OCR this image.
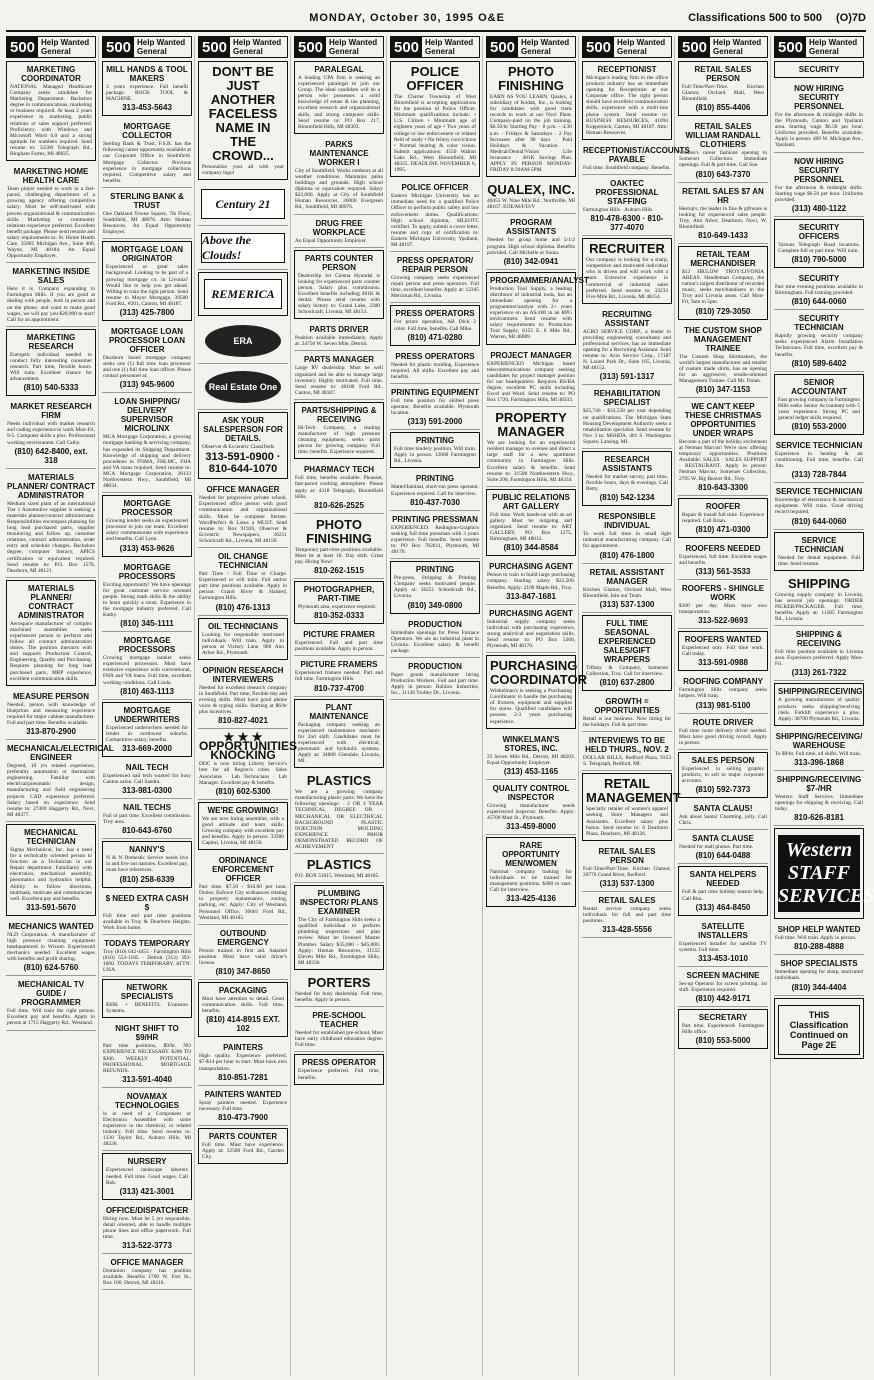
MONDAY, October 30, 1995 O&E	Classifications 500 to 500 (O)7D
500 Help Wanted
General
MARKETING COORDINATOR
NATIONAL Managed Healthcare Company seeks candidate for Marketing Department. Bachelors degree in communications, marketing or business required. At least 2 years experience in marketing, public relations or sales support preferred. Proficiency with Windows and Microsoft Word 6.0 and a strong aptitude for numbers required. Send resume to: 32500 Telegraph Rd., Bingham Farms, MI 48025.
MARKETING HOME HEALTH CARE
Team player needed to work in a fast-paced, challenging department of a growing agency offering competitive salary. Must be self-motivated with proven organizational & communication skills. Marketing or community relations experience preferred. Excellent benefit package. Please send resume and salary requirements to: St. Home Health Care, 35005 Michigan Ave., Suite 400, Wayne, MI 48184. An Equal Opportunity Employer.
MARKETING INSIDE SALES
Here it is. Company expanding in Farmington Hills. If you are good at dealing with people, both in person and on the phone, and want to make good wages, we will pay you $20,000 to start! Call for an appointment.
MARKETING RESEARCH
Energetic individual needed to conduct fully interesting consumer research. Part time, flexible hours. Will train. Excellent chance for advancement.
(810) 540-5333
MARKET RESEARCH FIRM
Needs individual with market research and coding experience to work Mon-Fri, 9-5. Computer skills a plus. Professional working environment. Call Cathy.
(810) 642-8400, ext. 318
MATERIALS PLANNER/ CONTRACT ADMINISTRATOR
Medium sized plant of an international Tier 1 Automotive supplier is seeking a materials planner/contract administrator. Responsibilities encompass planning for long lead purchased parts, supplier monitoring and follow up, customer relations, contract administration, order entry and schedule changes. Bachelors degree, computer literacy, APICS certification or equivalent required. Send resume to: P.O. Box 1578, Dearborn, MI 48121.
MATERIALS PLANNER/ CONTRACT ADMINISTRATOR
Aerospace manufacturer of complex machined assemblies seeks experienced person to perform and follow all contract administration duties. The position interacts with and supports Production Control, Engineering, Quality and Purchasing. Requires planning for long lead purchased parts, MRP experience, excellent communication skills.
MEASURE PERSON
Needed, person with knowledge of blueprints and measuring experience required for major cabinet manufacturer. Full and part time. Benefits available.
313-870-2900
MECHANICAL/ELECTRICAL ENGINEER
Degreed, 10 yrs related experience, preferably automation or thermal/air engineering. Familiar with electrical/pneumatic design, manufacturing and field engineering projects. CAD experience preferred. Salary based on experience. Send resume to: 27400 Haggerty Rd., Novi, MI 48377.
MECHANICAL TECHNICIAN
Sigma Mechanical, Inc. has a need for a technically oriented person to function as a Technician in our Repair department. Familiarity with electronics, mechanical assembly, pneumatics and hydraulics helpful. Ability to follow directions, multitask, motivate and communicate well. Excellent pay and benefits.
313-591-5670
MECHANICS WANTED
NLD Corporation. A manufacturer of high pressure cleaning equipment headquartered in Wixom. Experienced mechanics needed. Excellent wages with benefits and profit sharing.
(810) 624-5760
MECHANICAL TV GUIDE / PROGRAMMER
Full time. Will train the right person. Excellent pay and benefits. Apply in person at 1715 Haggerty Rd., Westland.
500 Help Wanted
General
MILL HANDS & TOOL MAKERS
3 years experience. Full benefit package. ROCK TOOL & MACHINE.
313-453-5643
MORTGAGE COLLECTOR
Sterling Bank & Trust, F.S.B. has the following career opportunity available at our Corporate Office in Southfield. Mortgage Collector. Previous experience in mortgage collections required. Competitive salary and benefits.
STERLING BANK & TRUST
One Oakland Towne Square, 7th Floor, Southfield, MI 48076. Attn: Human Resources. An Equal Opportunity Employer.
MORTGAGE LOAN ORIGINATOR
Experienced or great sales background. Looking to be part of a growing mortgage co. in Livonia? Would like to help you get ahead. Willing to train the right person. Send resume to Mayor Mortgage, 39500 Ford Rd., #201, Canton, MI 48187.
(313) 425-7800
MORTGAGE LOAN PROCESSOR LOAN OFFICER
Dearborn based mortgage company seeks one (1) full time loan processor and one (1) full time loan officer. Please contact personnel at:
(313) 945-9600
LOAN SHIPPING/ DELIVERY SUPERVISOR MICROLINX
MCA Mortgage Corporation, a growing mortgage banking & servicing company, has expanded its Shipping Department. Knowledge of shipping and delivery procedures to FNMA, FHLMC, FHA and VA loans required. Send resume to: MCA Mortgage Corporation, 26133 Northwestern Hwy., Southfield, MI 48034.
MORTGAGE PROCESSOR
Growing lender seeks an experienced processor to join our team. Excellent salary commensurate with experience and benefits. Call Lynn.
(313) 453-9626
MORTGAGE PROCESSORS
Exciting opportunity! We have openings for great customer service oriented people. Strong math skills & the ability to learn quickly a must. Experience in the mortgage industry preferred. Call Kathy.
(810) 345-1111
MORTGAGE PROCESSORS
Growing mortgage banker seeks experienced processors. Must have extensive experience with conventional, FHA and VA loans. Full time, excellent working conditions. Call Linda.
(810) 463-1113
MORTGAGE UNDERWRITERS
Experienced underwriters needed for lender in northwest suburbs. Competitive salary, benefits.
313-669-2000
NAIL TECH
Experienced nail tech wanted for busy Canton salon. Call Sandra.
313-981-0300
NAIL TECHS
Full or part time. Excellent commission. Troy area.
810-643-6760
NANNY'S
N & N Domestic Service needs live in and live out nannies. Excellent pay, must have references.
(810) 258-6339
$ NEED EXTRA CASH $
Full time and part time positions available in Troy & Dearborn Heights. Work from home.
TODAYS TEMPORARY
Troy (810) 642-4455 · Farmington Hills (810) 553-1165 · Detroit (313) 393-1800. TODAYS TEMPORARY, ATTN: LISA.
NETWORK SPECIALISTS
$30K + BENEFITS. Evanston Systems.
NIGHT SHIFT TO $9/HR
Part time positions, $9/hr. NO EXPERIENCE NECESSARY. $200 TO $300 WEEKLY POTENTIAL. PROFESSIONAL MORTGAGE REFUNDS.
313-591-4040
NOVAMAX TECHNOLOGIES
Is in need of a Component or Electronics Assembler with some experience in the chemical, or related industry. Full time. Send resume to: 1330 Taylor Rd., Auburn Hills, MI 48326.
NURSERY
Experienced landscape laborers needed. Full time. Good wages. Call Bob.
(313) 421-3001
OFFICE/DISPATCHER
Hiring now. Must be 5 yrs responsible, detail oriented, able to handle multiple phone lines and office paperwork. Full time.
313-522-3773
OFFICE MANAGER
Dominion company has position available. Benefits 1700 W. Fort St., Box 100, Detroit, MI 48216.
500 Help Wanted
General
DON'T BE JUST ANOTHER FACELESS NAME IN THE CROWD...
Personalize your ad with your company logo!
Century 21
Above the Clouds!
REMERICA
ERA
Real Estate One
ASK YOUR SALESPERSON FOR DETAILS.
Observer & Eccentric Classifieds
313-591-0900 · 810-644-1070
OFFICE MANAGER
Needed for progressive private school. Experienced office person with good communication and organizational skills. Must be computer literate. WordPerfect & Lotus a MUST. Send resume to: Box 91926, Observer & Eccentric Newspapers, 36251 Schoolcraft Rd., Livonia, MI 48150.
OIL CHANGE TECHNICIAN
Part Time / Full Time or Charge. Experienced or will train. Full and/or part time positions available. Apply in person: Grand River & Halsted, Farmington Hills.
(810) 476-1313
OIL TECHNICIANS
Looking for responsible motivated individuals. Will train. Apply in person at Victory Lane, 900 Ann Arbor Rd., Plymouth.
OPINION RESEARCH INTERVIEWERS
Needed for excellent research company in Southfield. Part time, flexible day and evening shifts. Must have good phone voice & typing skills. Starting at $6/hr plus incentives.
810-827-4021
★ ★ ★ OPPORTUNITIES KNOCKING
DDC is now hiring Liberty Service's best for all Region's cities. Sales Associates · Lab Technicians · Lab Manager. Excellent pay & benefits.
(810) 602-5300
WE'RE GROWING!
We are now hiring assembler, with a good attitude and team skills. Growing company with excellent pay and benefits. Apply in person: 33300 Capitol, Livonia, MI 48150.
ORDINANCE ENFORCEMENT OFFICER
Part time. $7.50 - $10.00 per hour. Duties: Enforce City ordinances relating to property maintenance, zoning, parking, etc. Apply: City of Westland, Personnel Office, 36601 Ford Rd., Westland, MI 48185.
OUTBOUND EMERGENCY
Person trained in first aid. Salaried position. Must have valid driver's license.
(810) 347-8650
PACKAGING
Must have attention to detail. Good communication skills. Full time, benefits.
(810) 414-8915 EXT. 102
PAINTERS
High quality. Experience preferred. $7-$14 per hour to start. Must have own transportation.
810-851-7281
PAINTERS WANTED
Spray painters needed. Experience necessary. Full time.
810-473-7900
PARTS COUNTER
Full time. Must have experience. Apply at: 32500 Ford Rd., Garden City.
500 Help Wanted
General
PARALEGAL
A leading CPA firm is seeking an experienced paralegal to join our Group. The ideal candidate will be a person who possesses a solid knowledge of estate & tax planning, excellent research and organizational skills, and strong computer skills. Send resume to: PO Box 217, Bloomfield Hills, MI 48303.
PARKS MAINTENANCE WORKER I
City of Southfield. Works outdoors at all weather conditions. Maintains parks buildings and grounds. High school diploma or equivalent required. Salary $22,000. Apply at City of Southfield Human Resources, 26000 Evergreen Rd., Southfield, MI 48076.
DRUG FREE WORKPLACE
An Equal Opportunity Employer.
PARTS COUNTER PERSON
Dealership for Cienna Hyundai is looking for experienced parts counter person. Salary plus commission. Excellent benefits including 401K & dental. Please send resume with salary history to: Grand Lake, 2300 Schoolcraft, Livonia, MI 48151.
PARTS DRIVER
Position available immediately. Apply at: 24750 W. Seven Mile, Detroit.
PARTS MANAGER
Large RV dealership. Must be well organized and be able to manage large inventory. Highly motivated. Full time. Send resume to: 46100 Ford Rd., Canton, MI 48187.
PARTS/SHIPPING & RECEIVING
Hi-Tech Company, a leading manufacturer of high pressure cleaning equipment, seeks parts person for growing company. Full time, benefits. Experience required.
PHARMACY TECH
Full time, benefits available. Pleasant, fast-paced working atmosphere. Please apply at: 4318 Telegraph, Bloomfield Hills.
810-626-2525
PHOTO FINISHING
Temporary part-time positions available. Must be at least 18. Day shift. Great pay. Hiring Now!
810-262-1515
PHOTOGRAPHER, PART-TIME
Plymouth area, experience required.
810-352-0333
PICTURE FRAMER
Experienced. Full and part time positions available. Apply in person.
PICTURE FRAMERS
Experienced framers needed. Part and full time. Farmington Hills.
810-737-4700
PLANT MAINTENANCE
Packaging company seeking an experienced maintenance mechanic for 2nd shift. Candidates must be experienced with electrical, pneumatic and hydraulic systems. Apply at: 34800 Glendale, Livonia, MI.
PLASTICS
We are a growing company manufacturing plastic parts. We have the following openings: · 2 OR 4 YEAR TECHNICAL DEGREE OR · MECHANICAL OR ELECTRICAL BACKGROUND · PLASTIC INJECTION MOLDING EXPERIENCE · PRIOR DEMONSTRATED RECORD OF ACHIEVEMENT
PLASTICS
P.O. BOX 51815, Westland, MI 48185.
PLUMBING INSPECTOR/ PLANS EXAMINER
The City of Farmington Hills seeks a qualified individual to perform plumbing inspections and plan review. Must be licensed Master Plumber. Salary $35,000 - $45,000. Apply: Human Resources, 31555 Eleven Mile Rd., Farmington Hills, MI 48336.
PORTERS
Needed for busy dealership. Full time, benefits. Apply in person.
PRE-SCHOOL TEACHER
Needed for established pre-school. Must have early childhood education degree. Full time.
PRESS OPERATOR
Experience preferred. Full time, benefits.
500 Help Wanted
General
POLICE OFFICER
The Charter Township of West Bloomfield is accepting applications for the position of Police Officer. Minimum qualifications include: • U.S. Citizen • Minimum age of eighteen years of age • Two years of college or law enforcement or related field of study • No felony convictions • Normal hearing & color vision. Submit applications: 4550 Walnut Lake Rd., West Bloomfield, MI 48325. DEADLINE NOVEMBER 6, 1995.
POLICE OFFICER
Eastern Michigan University has an immediate need for a qualified Police Officer to perform public safety and law enforcement duties. Qualifications: High school diploma, MLEOTC certified. To apply, submit a cover letter, resume and copy of certification to: Eastern Michigan University, Ypsilanti, MI 48197.
PRESS OPERATOR/ REPAIR PERSON
Growing company seeks experienced repair person and press operators. Full time, excellent benefits. Apply at: 12345 Merriman Rd., Livonia.
PRESS OPERATORS
For prints operation, AB Dick 2 color. Full time, benefits. Call Mike.
(810) 471-0280
PRESS OPERATORS
Needed for plastic molding. Experience required. All shifts. Excellent pay and benefits.
PRINTING EQUIPMENT
Full time position for skilled press operator. Benefits available. Plymouth location.
(313) 591-2000
PRINTING
Full time bindery position. Will train. Apply in person. 12600 Farmington Rd., Livonia.
PRINTING
Mattel/Iaminal, short-run press operator. Experience required. Call for interview.
810-437-7030
PRINTING PRESSMAN
EXPERIENCED. Redington-Graphics seeking full time pressman with 3 years experience. Full benefits. Send resume to: PO Box 702611, Plymouth, MI 48170.
PRINTING
Pre-press, Stripping & Printing Company seeks motivated people. Apply at: 36251 Schoolcraft Rd., Livonia.
(810) 349-0800
PRODUCTION
Immediate openings for Press Furnace Operators. We are an industrial plant in Livonia. Excellent salary & benefit package.
PRODUCTION
Paper goods manufacturer hiring Production Workers. Full and part time. Apply in person: Roblaw Industries, Inc., 11130 Trolley Dr., Livonia.
500 Help Wanted
General
PHOTO FINISHING
EARN AS YOU LEARN. Qualex, a subsidiary of Kodak, Inc., is looking for candidates with good track records to work at our Novi Plant. Company-paid on the job training. $6.50/hr Starting Pay · 8 p.m. - 4:30 a.m. · Fridays & Saturdays · 2 Pay Increases after 90 days · Paid Holidays & Vacation · Medical/Dental/Vision · Life Insurance · 401K Savings Plan. APPLY IN PERSON MONDAY-FRIDAY 8:30AM-5PM.
QUALEX, INC.
40455 W. Nine Mile Rd., Northville, MI 48167. EOE/M/F/D/V
PROGRAM ASSISTANTS
Needed for group home and 5/1/2 program. High school diploma. Benefits provided. Call Michelle or Sonia.
(810) 342-0941
PROGRAMMER/ANALYST
Production Tool Supply, a leading distributor of industrial tools, has an immediate opening for a programmer/analyst with 2+ years experience on an AS/400 in an RPG environment. Send resume with salary requirements to: Production Tool Supply, 8155 E. 8 Mile Rd., Warren, MI 48089.
PROJECT MANAGER
EXPERIENCED Michigan based telecommunications company seeking candidates for project manager position for our headquarters. Requires BS/BA degree, excellent PC skills including Excel and Word. Send resume to: PO Box 1720, Farmington Hills, MI 48333.
PROPERTY MANAGER
We are looking for an experienced resident manager to oversee and direct a large staff for a new apartment community in Farmington Hills. Excellent salary & benefits. Send resume to: 31500 Northwestern Hwy., Suite 200, Farmington Hills, MI 48334.
PUBLIC RELATIONS ART GALLERY
Full time. Work hands-on with an art gallery. Must be outgoing and organized. Send resume to: ART GALLERY, PO Box 1275, Birmingham, MI 48012.
(810) 344-8584
PURCHASING AGENT
Person to train to build large purchasing company. Starting salary $22,500. Benefits. Apply: 2100 Maple Rd., Troy.
313-847-1681
PURCHASING AGENT
Industrial supply company seeks individual with purchasing experience, strong analytical and negotiation skills. Send resume to: PO Box 5360, Plymouth, MI 48170.
PURCHASING COORDINATOR
Winkelman's is seeking a Purchasing Coordinator to handle the purchasing of fixtures, equipment and supplies for stores. Qualified candidates will possess 2-3 years purchasing experience.
WINKELMAN'S STORES, INC.
25 Seven Mile Rd., Detroit, MI 48203. Equal Opportunity Employer.
(313) 453-1165
QUALITY CONTROL INSPECTOR
Growing manufacturer needs experienced inspector. Benefits. Apply: 45700 Mast St., Plymouth.
313-459-8000
RARE OPPORTUNITY MEN/WOMEN
National company looking for individuals to be trained for management positions. $400 to start. Call for interview.
313-425-4136
500 Help Wanted
General
RECEPTIONIST
Michigan's leading firm in the office products industry has an immediate opening for Receptionist at our Corporate office. The right person should have excellent communication skills, experience with a multi-line phone system. Send resume to: BUSINESS RESOURCES, 41094 Koppernick, Canton, MI 48187. Attn: Human Resources.
RECEPTIONIST/ACCOUNTS PAYABLE
Full time. Southfield company. Benefits.
OAKTEC PROFESSIONAL STAFFING
Farmington Hills · Auburn Hills
810-478-6300 · 810-377-4070
RECRUITER
Our company is looking for a sharp, competitive and motivated individual who is driven and will work with a team. Extensive experience in commercial or industrial sales preferred. Send resume to: 33233 Five Mile Rd., Livonia, MI 48154.
RECRUITING ASSISTANT
ACRO SERVICE CORP., a leader in providing engineering consultants and professional services, has an immediate opening for a Recruiting Assistant. Send resume to: Acro Service Corp., 17187 N. Laurel Park Dr., Suite 165, Livonia, MI 48152.
(313) 591-1317
REHABILITATION SPECIALIST
$25,746 - $33,558 per year depending on qualifications. The Michigan State Housing Development Authority seeks a rehabilitation specialist. Send resume by Nov 3 to: MSHDA, 401 S. Washington Square, Lansing, MI.
RESEARCH ASSISTANTS
Needed for market survey, part time, flexible hours, days & evenings. Call Betty.
(810) 542-1234
RESPONSIBLE INDIVIDUAL
To work full time in small light industrial manufacturing company. Call for appointment.
(810) 476-1800
RETAIL ASSISTANT MANAGER
Kitchen Glamor, Orchard Mall, West Bloomfield. Join our Team.
(313) 537-1300
FULL TIME SEASONAL EXPERIENCED SALES/GIFT WRAPPERS
Tiffany & Company, Somerset Collection, Troy. Call for interview.
(810) 637-2800
GROWTH = OPPORTUNITIES
Retail is our business. Now hiring for the holidays. Full & part time.
INTERVIEWS TO BE HELD THURS., NOV. 2
DOLLAR BILLS, Redford Plaza, 9353 S. Telegraph, Redford, MI.
RETAIL MANAGEMENT
Specialty retailer of women's apparel seeking Store Managers and Assistants. Excellent salary plus bonus. Send resume to: 6 Dearborn Plaza, Dearborn, MI 48126.
RETAIL SALES PERSON
Full-Time/Part-Time. Kitchen Glamor, 26770 Grand River, Redford.
(313) 537-1300
RETAIL SALES
Rental service company seeks individuals for full and part time positions.
313-428-5556
500 Help Wanted
General
RETAIL SALES PERSON
Full-Time/Part-Time. Kitchen Glamor, Orchard Mall, West Bloomfield.
(810) 855-4406
RETAIL SALES WILLIAM RANDALL CLOTHIERS
Women's career fashions opening in Somerset Collection. Immediate openings. Full & part time. Call Sue.
(810) 643-7370
RETAIL SALES $7 AN HR
Hestup's, the leader in fine & giftware is looking for experienced sales people. Troy, Ann Arbor, Dearborn, Novi, W. Bloomfield.
810-649-1433
RETAIL TEAM MERCHANDISER
$12 HR/LOW TROY/LIVONIA AREAS. Handleman Company, the nation's largest distributor of recorded music, seeks merchandisers in the Troy and Livonia areas. Call Mon-Fri, 9am to 5pm.
(810) 729-3050
THE CUSTOM SHOP MANAGEMENT TRAINEE
The Custom Shop Shirtmakers, the world's largest manufacturer and retailer of custom made shirts, has an opening for an aggressive, results-oriented Management Trainee. Call Mr. Dolan.
(810) 347-1153
WE CAN'T KEEP THESE CHRISTMAS OPPORTUNITIES UNDER WRAPS
Become a part of the holiday excitement at Neiman Marcus! We're now offering temporary opportunities. Positions Available: SALES · SALES SUPPORT · RESTAURANT. Apply in person: Neiman Marcus, Somerset Collection, 2705 W. Big Beaver Rd., Troy.
810-643-3300
ROOFER
Repair & install full time. Experience required. Call Brian.
(810) 471-0300
ROOFERS NEEDED
Experienced, full time. Excellent wages and benefits.
(313) 561-3533
ROOFERS - SHINGLE WORK
$100 per day. Must have own transportation.
313-522-9693
ROOFERS WANTED
Experienced only. Full time work. Call today.
313-591-0988
ROOFING COMPANY
Farmington Hills company seeks helpers. Will train.
(313) 981-5100
ROUTE DRIVER
Full time route delivery driver needed. Must have good driving record. Apply in person.
SALES PERSON
Experienced in selling graphic products, to sell to major corporate accounts.
(810) 592-7373
SANTA CLAUS!
Ask about Santa! Charming, jolly. Call Chris.
SANTA CLAUSE
Needed for mall photos. Part time.
(810) 644-0488
SANTA HELPERS NEEDED
Full & part time holiday season help. Call Rita.
(313) 464-8450
SATELLITE INSTALLERS
Experienced installer for satellite TV systems. Full time.
313-453-1010
SCREEN MACHINE
Set-up Operator for screen printing. 1st shift. Experience required.
(810) 442-9171
SECRETARY
Part time. Experienced. Farmington Hills office.
(810) 553-5000
500 Help Wanted
General
SECURITY
NOW HIRING SECURITY PERSONNEL
For the afternoon & midnight shifts in the Plymouth, Canton and Ypsilanti area. Starting wage $6.50 per hour. Uniforms provided. Benefits available. Apply in person: 400 W. Michigan Ave., Ypsilanti.
NOW HIRING SECURITY PERSONNEL
For the afternoon & midnight shifts. Starting wage $6.50 per hour. Uniforms provided.
(313) 480-1122
SECURITY OFFICERS
Various Telegraph Road locations. Complete full or part time. Will train.
(810) 790-5000
SECURITY
Part time evening positions available in Birmingham. Full training provided.
(810) 644-0060
SECURITY TECHNICIAN
Rapidly growing security company seeks experienced Alarm Installation Technicians. Full time, excellent pay & benefits.
(810) 589-6402
SENIOR ACCOUNTANT
Fast growing company in Farmington Hills seeks Senior Accountant with 5 years experience. Strong PC and general ledger skills required.
(810) 553-2000
SERVICE TECHNICIAN
Experience in heating & air conditioning. Full time, benefits. Call Jim.
(313) 728-7844
SERVICE TECHNICIAN
Knowledge of electronics & mechanical equipment. Will train. Good driving record required.
(810) 644-0060
SERVICE TECHNICIAN
Needed for dental equipment. Full time. Send resume.
SHIPPING
Growing supply company in Livonia, has several job openings: ORDER PICKER/PACKAGER. Full time, benefits. Apply at: 11585 Farmington Rd., Livonia.
SHIPPING & RECEIVING
Full time position available in Livonia area. Experience preferred. Apply Mon-Fri.
(313) 261-7322
SHIPPING/RECEIVING
A growing manufacturer of quality products seeks shipping/receiving clerk. Forklift experience a plus. Apply: 38700 Plymouth Rd., Livonia.
SHIPPING/RECEIVING/ WAREHOUSE
To $9/hr. Full time, all shifts. Will train.
313-396-1868
SHIPPING/RECEIVING $7-/HR
Western Staff Services. Immediate openings for shipping & receiving. Call today.
810-626-8181
Western STAFF SERVICES
SHOP HELP WANTED
Full time. Will train. Apply in person.
810-288-4888
SHOP SPECIALISTS
Immediate opening for sharp, motivated individuals.
(810) 344-4404
THIS Classification Continued on Page 2E
